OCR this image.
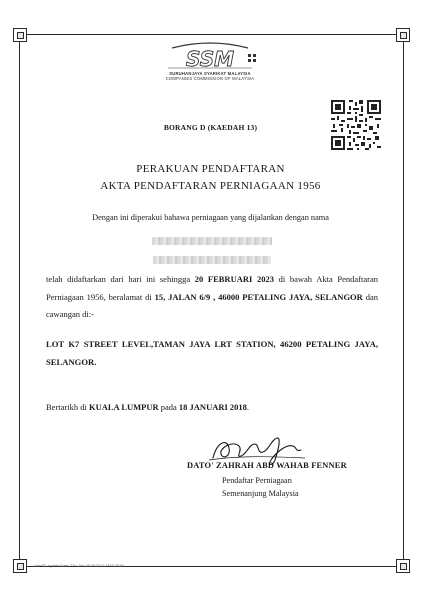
SSM
SURUHANJAYA SYARIKAT MALAYSIA
COMPANIES COMMISSION OF MALAYSIA
BORANG D (KAEDAH 13)
PERAKUAN PENDAFTARAN
AKTA PENDAFTARAN PERNIAGAAN 1956
Dengan ini diperakui bahawa perniagaan yang dijalankan dengan nama
telah didaftarkan dari hari ini sehingga 20 FEBRUARI 2023 di bawah Akta Pendaftaran Perniagaan 1956, beralamat di 15, JALAN 6/9 , 46000 PETALING JAYA, SELANGOR dan cawangan di:-
LOT K7 STREET LEVEL,TAMAN JAYA LRT STATION, 46200 PETALING JAYA, SELANGOR.
Bertarikh di KUALA LUMPUR pada 18 JANUARI 2018.
DATO' ZAHRAH ABD WAHAB FENNER
Pendaftar Perniagaan
Semenanjung Malaysia
UserID: syahirr Date: Thu Jan 18 09:27:11 MYT 2018
